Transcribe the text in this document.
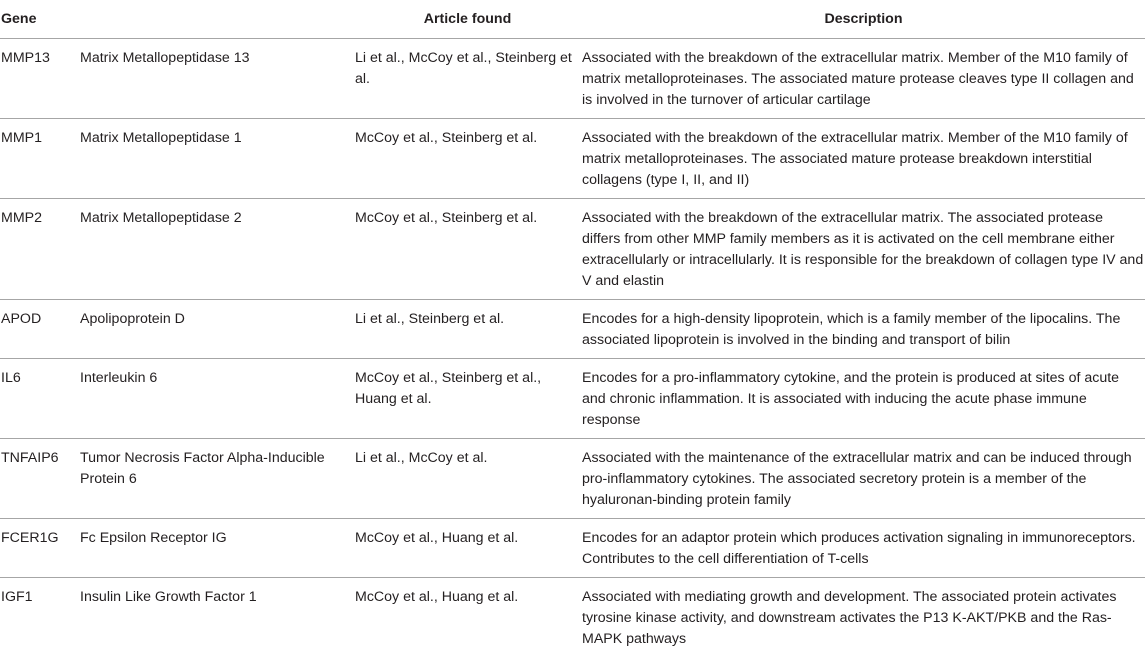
Gene		Article found	Description
MMP13	Matrix Metallopeptidase 13	Li et al., McCoy et al., Steinberg et al.	Associated with the breakdown of the extracellular matrix. Member of the M10 family of matrix metalloproteinases. The associated mature protease cleaves type II collagen and is involved in the turnover of articular cartilage
MMP1	Matrix Metallopeptidase 1	McCoy et al., Steinberg et al.	Associated with the breakdown of the extracellular matrix. Member of the M10 family of matrix metalloproteinases. The associated mature protease breakdown interstitial collagens (type I, II, and II)
MMP2	Matrix Metallopeptidase 2	McCoy et al., Steinberg et al.	Associated with the breakdown of the extracellular matrix. The associated protease differs from other MMP family members as it is activated on the cell membrane either extracellularly or intracellularly. It is responsible for the breakdown of collagen type IV and V and elastin
APOD	Apolipoprotein D	Li et al., Steinberg et al.	Encodes for a high-density lipoprotein, which is a family member of the lipocalins. The associated lipoprotein is involved in the binding and transport of bilin
IL6	Interleukin 6	McCoy et al., Steinberg et al., Huang et al.	Encodes for a pro-inflammatory cytokine, and the protein is produced at sites of acute and chronic inflammation. It is associated with inducing the acute phase immune response
TNFAIP6	Tumor Necrosis Factor Alpha-Inducible Protein 6	Li et al., McCoy et al.	Associated with the maintenance of the extracellular matrix and can be induced through pro-inflammatory cytokines. The associated secretory protein is a member of the hyaluronan-binding protein family
FCER1G	Fc Epsilon Receptor IG	McCoy et al., Huang et al.	Encodes for an adaptor protein which produces activation signaling in immunoreceptors. Contributes to the cell differentiation of T-cells
IGF1	Insulin Like Growth Factor 1	McCoy et al., Huang et al.	Associated with mediating growth and development. The associated protein activates tyrosine kinase activity, and downstream activates the P13 K-AKT/PKB and the Ras-MAPK pathways
